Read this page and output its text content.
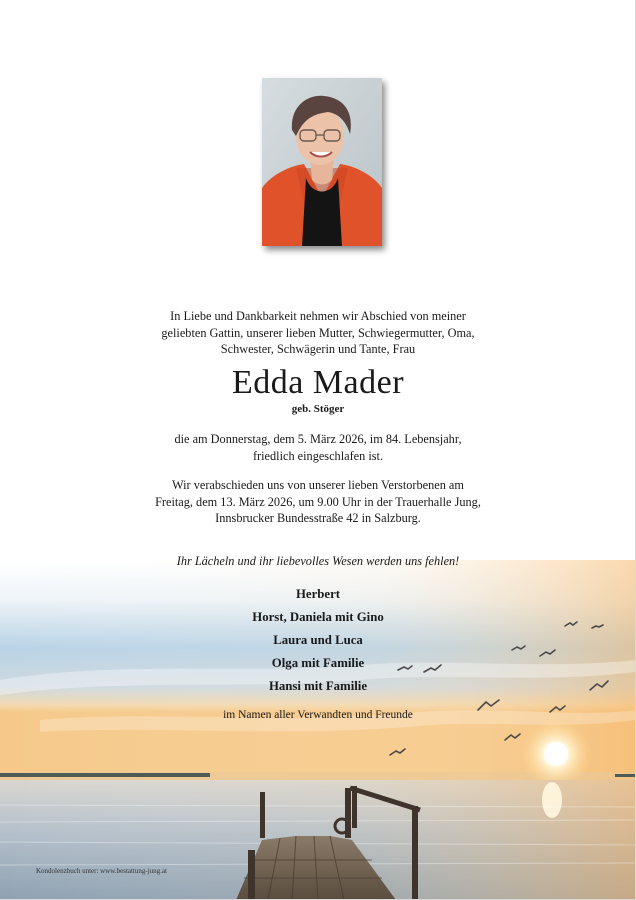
In Liebe und Dankbarkeit nehmen wir Abschied von meiner
geliebten Gattin, unserer lieben Mutter, Schwiegermutter, Oma,
Schwester, Schwägerin und Tante, Frau
Edda Mader
geb. Stöger
die am Donnerstag, dem 5. März 2026, im 84. Lebensjahr,
friedlich eingeschlafen ist.
Wir verabschieden uns von unserer lieben Verstorbenen am
Freitag, dem 13. März 2026, um 9.00 Uhr in der Trauerhalle Jung,
Innsbrucker Bundesstraße 42 in Salzburg.
Ihr Lächeln und ihr liebevolles Wesen werden uns fehlen!
Herbert
Horst, Daniela mit Gino
Laura und Luca
Olga mit Familie
Hansi mit Familie
im Namen aller Verwandten und Freunde
Kondolenzbuch unter: www.bestattung-jung.at
